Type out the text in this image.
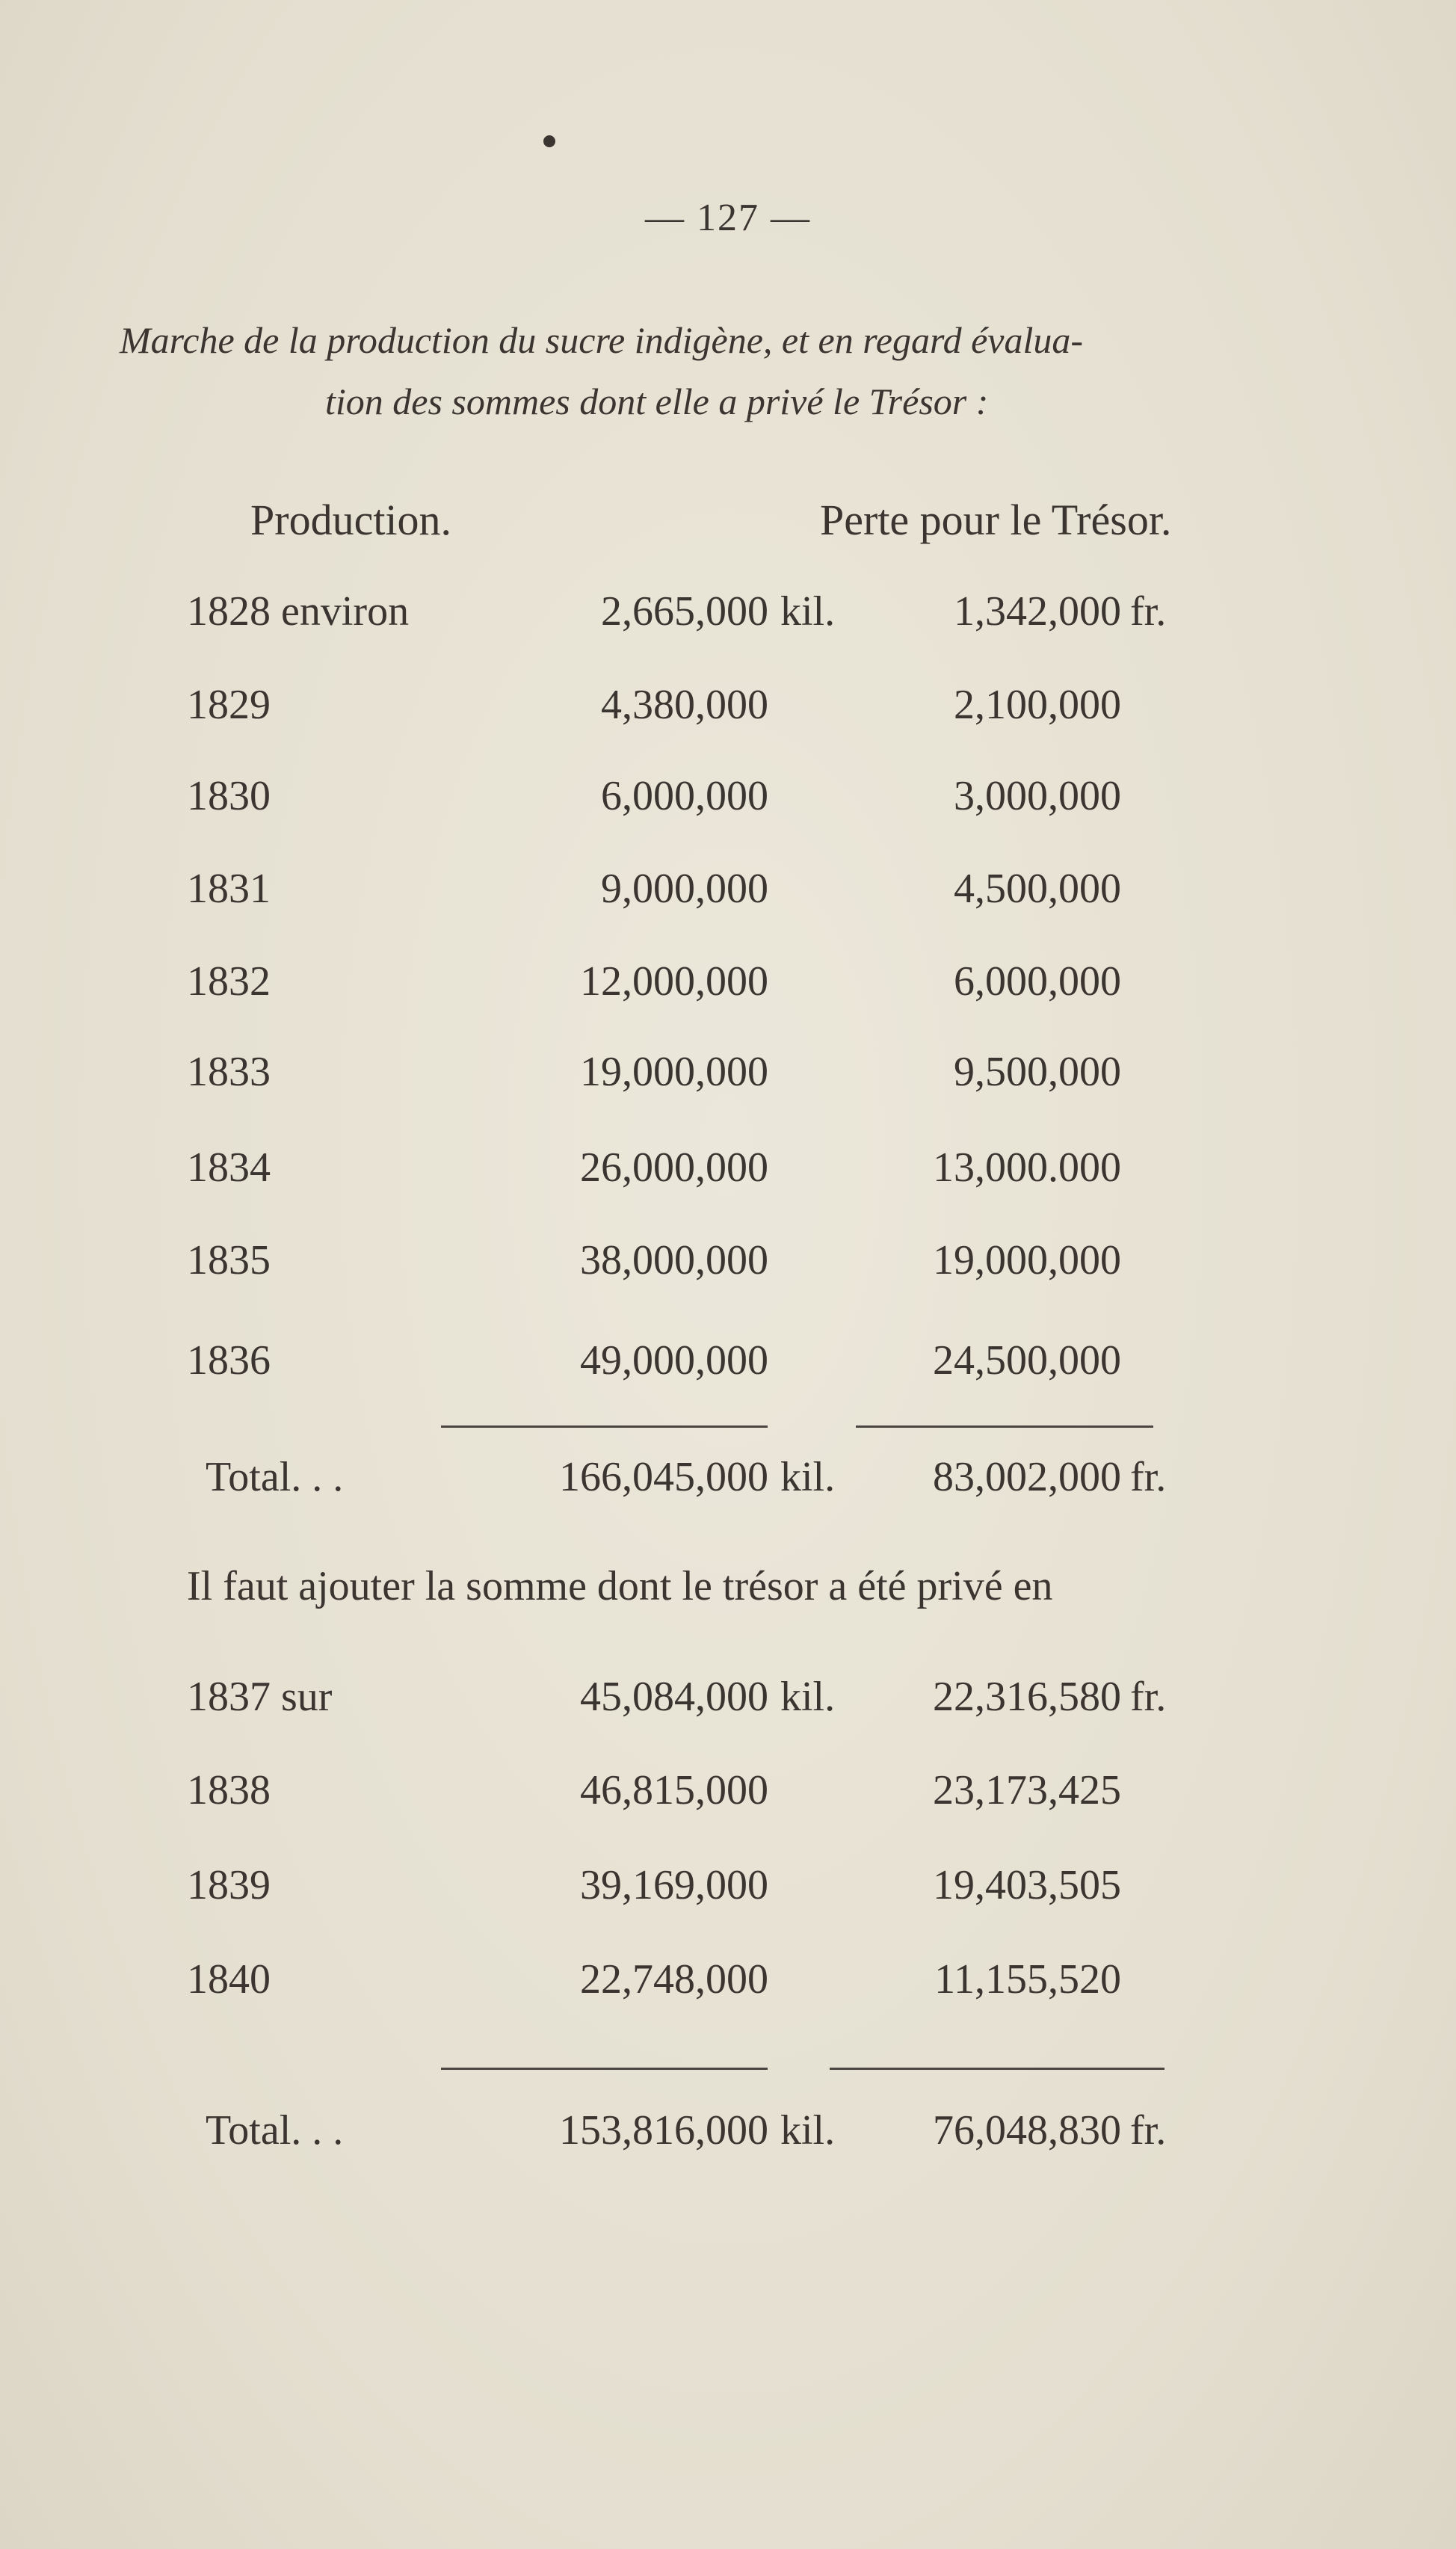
— 127 —
Marche de la production du sucre indigène, et en regard évalua-
tion des sommes dont elle a privé le Trésor :
Production.	Perte pour le Trésor.
1828 environ	2,665,000 kil.	1,342,000 fr.
1829	4,380,000	2,100,000
1830	6,000,000	3,000,000
1831	9,000,000	4,500,000
1832	12,000,000	6,000,000
1833	19,000,000	9,500,000
1834	26,000,000	13,000.000
1835	38,000,000	19,000,000
1836	49,000,000	24,500,000
Total. . .	166,045,000 kil. 83,002,000 fr.
Il faut ajouter la somme dont le trésor a été privé en
1837 sur	45,084,000 kil. 22,316,580 fr.
1838	46,815,000	23,173,425
1839	39,169,000	19,403,505
1840	22,748,000	11,155,520
Total. . .	153,816,000 kil. 76,048,830 fr.
